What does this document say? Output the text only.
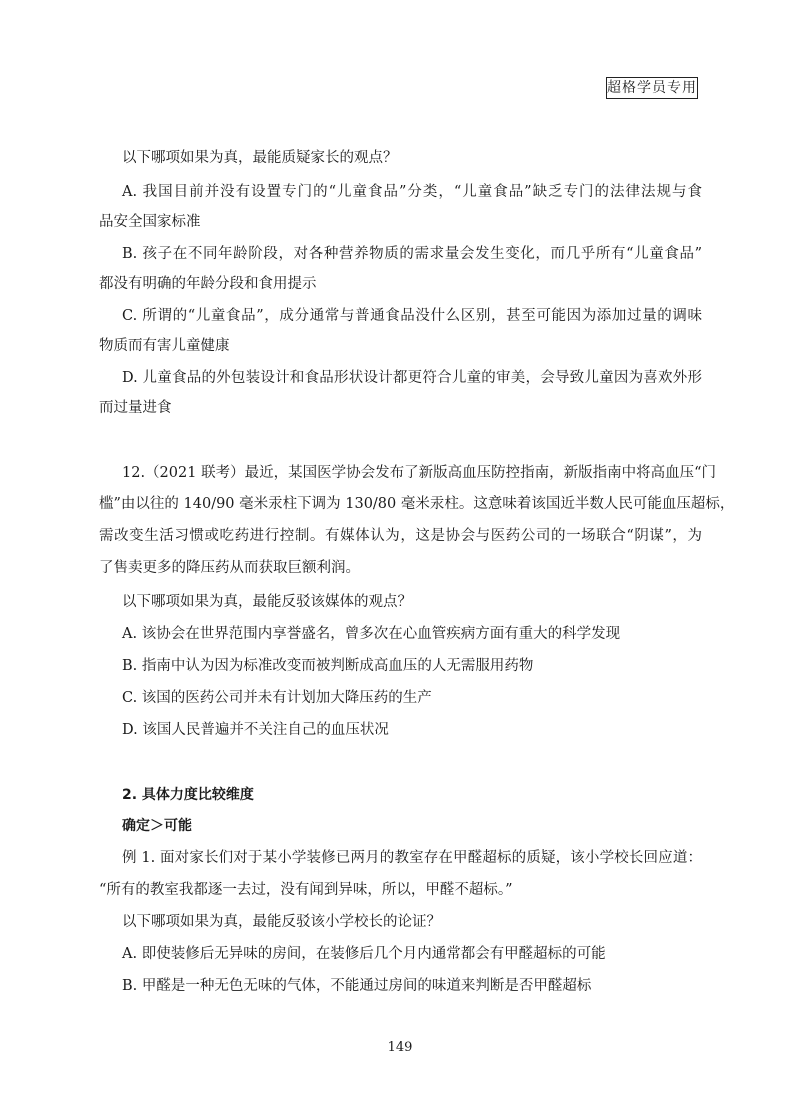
超格学员专用
以下哪项如果为真，最能质疑家长的观点？
A. 我国目前并没有设置专门的“儿童食品”分类，“儿童食品”缺乏专门的法律法规与食
品安全国家标准
B. 孩子在不同年龄阶段，对各种营养物质的需求量会发生变化，而几乎所有“儿童食品”
都没有明确的年龄分段和食用提示
C. 所谓的“儿童食品”，成分通常与普通食品没什么区别，甚至可能因为添加过量的调味
物质而有害儿童健康
D. 儿童食品的外包装设计和食品形状设计都更符合儿童的审美，会导致儿童因为喜欢外形
而过量进食
12.（2021 联考）最近，某国医学协会发布了新版高血压防控指南，新版指南中将高血压“门
槛”由以往的 140/90 毫米汞柱下调为 130/80 毫米汞柱。这意味着该国近半数人民可能血压超标，
需改变生活习惯或吃药进行控制。有媒体认为，这是协会与医药公司的一场联合“阴谋”，为
了售卖更多的降压药从而获取巨额利润。
以下哪项如果为真，最能反驳该媒体的观点？
A. 该协会在世界范围内享誉盛名，曾多次在心血管疾病方面有重大的科学发现
B. 指南中认为因为标准改变而被判断成高血压的人无需服用药物
C. 该国的医药公司并未有计划加大降压药的生产
D. 该国人民普遍并不关注自己的血压状况
2. 具体力度比较维度
确定＞可能
例 1. 面对家长们对于某小学装修已两月的教室存在甲醛超标的质疑，该小学校长回应道：
“所有的教室我都逐一去过，没有闻到异味，所以，甲醛不超标。”
以下哪项如果为真，最能反驳该小学校长的论证？
A. 即使装修后无异味的房间，在装修后几个月内通常都会有甲醛超标的可能
B. 甲醛是一种无色无味的气体，不能通过房间的味道来判断是否甲醛超标
149
